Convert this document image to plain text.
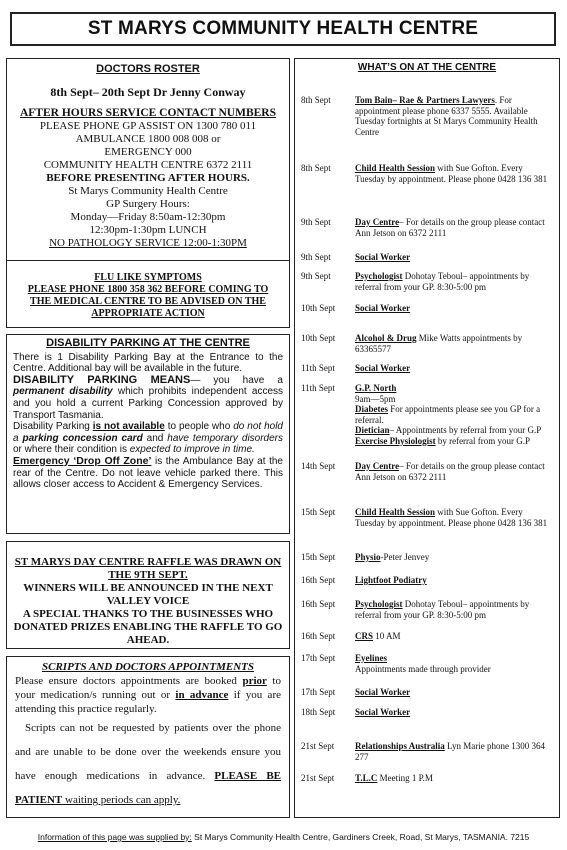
ST MARYS COMMUNITY HEALTH CENTRE
DOCTORS ROSTER
8th Sept– 20th Sept Dr Jenny Conway
AFTER HOURS SERVICE CONTACT NUMBERS
PLEASE PHONE GP ASSIST ON 1300 780 011
AMBULANCE 1800 008 008 or
EMERGENCY 000
COMMUNITY HEALTH CENTRE 6372 2111
BEFORE PRESENTING AFTER HOURS.
St Marys Community Health Centre
GP Surgery Hours:
Monday—Friday 8:50am-12:30pm
12:30pm-1:30pm LUNCH
NO PATHOLOGY SERVICE 12:00-1:30PM
FLU LIKE SYMPTOMS
PLEASE PHONE 1800 358 362 BEFORE COMING TO
THE MEDICAL CENTRE TO BE ADVISED ON THE
APPROPRIATE ACTION
DISABILITY PARKING AT THE CENTRE
There is 1 Disability Parking Bay at the Entrance to the Centre. Additional bay will be available in the future.
DISABILITY PARKING MEANS— you have a permanent disability which prohibits independent access and you hold a current Parking Concession approved by Transport Tasmania.
Disability Parking is not available to people who do not hold a parking concession card and have temporary disorders or where their condition is expected to improve in time.
Emergency ‘Drop Off Zone’ is the Ambulance Bay at the rear of the Centre. Do not leave vehicle parked there. This allows closer access to Accident & Emergency Services.
ST MARYS DAY CENTRE RAFFLE WAS DRAWN ON
THE 9TH SEPT.
WINNERS WILL BE ANNOUNCED IN THE NEXT
VALLEY VOICE
A SPECIAL THANKS TO THE BUSINESSES WHO
DONATED PRIZES ENABLING THE RAFFLE TO GO
AHEAD.
SCRIPTS AND DOCTORS APPOINTMENTS
Please ensure doctors appointments are booked prior to your medication/s running out or in advance if you are attending this practice regularly.
Scripts can not be requested by patients over the phone and are unable to be done over the weekends ensure you have enough medications in advance. PLEASE BE PATIENT waiting periods can apply.
WHAT’S ON AT THE CENTRE
8th Sept	Tom Bain– Rae & Partners Lawyers. For appointment please phone 6337 5555. Available Tuesday fortnights at St Marys Community Health Centre
8th Sept	Child Health Session with Sue Gofton. Every Tuesday by appointment. Please phone 0428 136 381
9th Sept	Day Centre– For details on the group please contact Ann Jetson on 6372 2111
9th Sept	Social Worker
9th Sept	Psychologist Dohotay Teboul– appointments by referral from your GP. 8:30-5:00 pm
10th Sept	Social Worker
10th Sept	Alcohol & Drug Mike Watts appointments by 63365577
11th Sept	Social Worker
11th Sept	G.P. North
9am—5pm
Diabetes For appointments please see you GP for a referral.
Dietician– Appointments by referral from your G.P
Exercise Physiologist by referral from your G.P
14th Sept	Day Centre– For details on the group please contact Ann Jetson on 6372 2111
15th Sept	Child Health Session with Sue Gofton. Every Tuesday by appointment. Please phone 0428 136 381
15th Sept	Physio-Peter Jenvey
16th Sept	Lightfoot Podiatry
16th Sept	Psychologist Dohotay Teboul– appointments by referral from your GP. 8:30-5:00 pm
16th Sept	CRS 10 AM
17th Sept	Eyelines
Appointments made through provider
17th Sept	Social Worker
18th Sept	Social Worker
21st Sept	Relationships Australia Lyn Marie phone 1300 364 277
21st Sept	T.L.C Meeting 1 P.M
Information of this page was supplied by: St Marys Community Health Centre, Gardiners Creek, Road, St Marys, TASMANIA. 7215
